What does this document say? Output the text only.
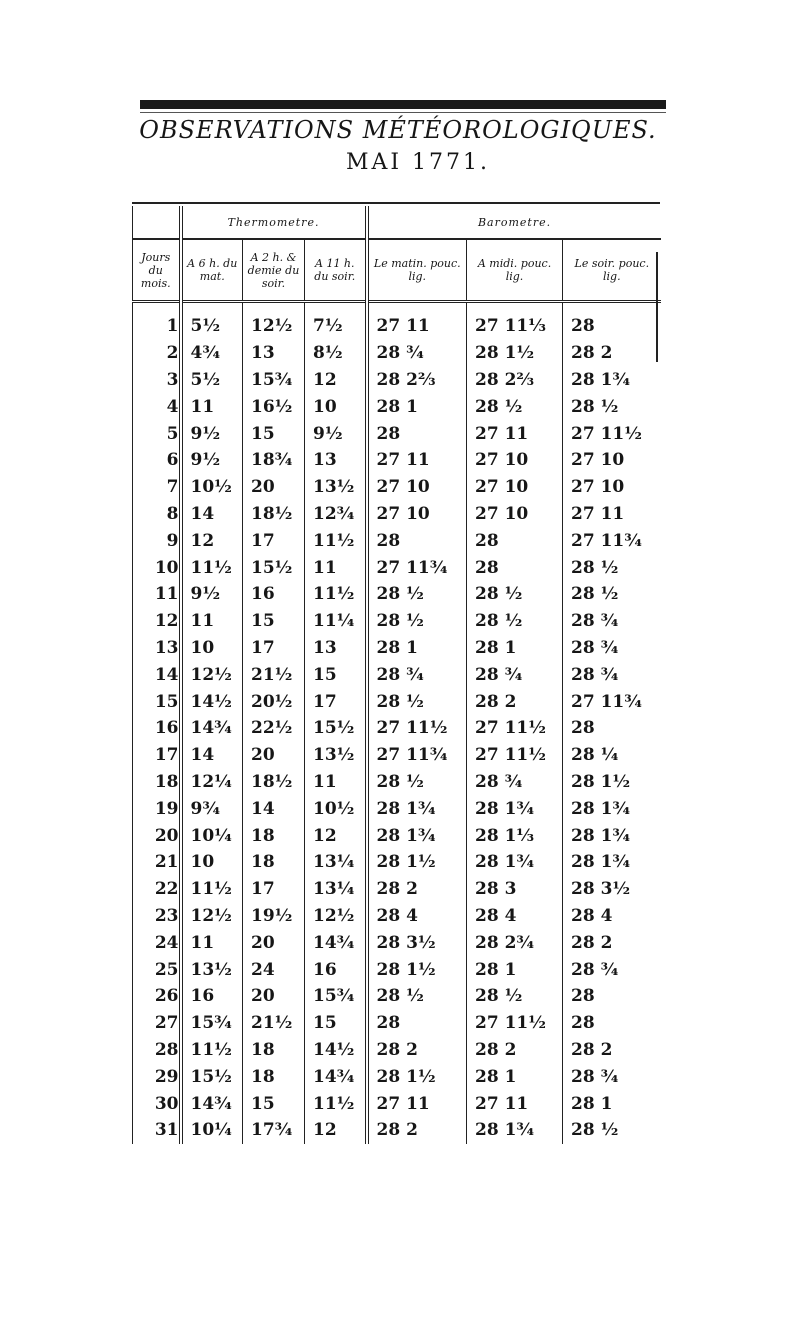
OBSERVATIONS MÉTÉOROLOGIQUES.
MAI 1771.
	Thermometre.			Barometre.		
Jours du mois.	A 6 h. du mat.	A 2 h. & demie du soir.	A 11 h. du soir.	Le matin. pouc. lig.	A midi. pouc. lig.	Le soir. pouc. lig.
1	5½	12½	7½	27 11	27 11⅓	28
2	4¾	13	8½	28 ¾	28 1½	28 2
3	5½	15¾	12	28 2⅔	28 2⅔	28 1¾
4	11	16½	10	28 1	28 ½	28 ½
5	9½	15	9½	28	27 11	27 11½
6	9½	18¾	13	27 11	27 10	27 10
7	10½	20	13½	27 10	27 10	27 10
8	14	18½	12¾	27 10	27 10	27 11
9	12	17	11½	28	28	27 11¾
10	11½	15½	11	27 11¾	28	28 ½
11	9½	16	11½	28 ½	28 ½	28 ½
12	11	15	11¼	28 ½	28 ½	28 ¾
13	10	17	13	28 1	28 1	28 ¾
14	12½	21½	15	28 ¾	28 ¾	28 ¾
15	14½	20½	17	28 ½	28 2	27 11¾
16	14¾	22½	15½	27 11½	27 11½	28
17	14	20	13½	27 11¾	27 11½	28 ¼
18	12¼	18½	11	28 ½	28 ¾	28 1½
19	9¾	14	10½	28 1¾	28 1¾	28 1¾
20	10¼	18	12	28 1¾	28 1⅓	28 1¾
21	10	18	13¼	28 1½	28 1¾	28 1¾
22	11½	17	13¼	28 2	28 3	28 3½
23	12½	19½	12½	28 4	28 4	28 4
24	11	20	14¾	28 3½	28 2¾	28 2
25	13½	24	16	28 1½	28 1	28 ¾
26	16	20	15¾	28 ½	28 ½	28
27	15¾	21½	15	28	27 11½	28
28	11½	18	14½	28 2	28 2	28 2
29	15½	18	14¾	28 1½	28 1	28 ¾
30	14¾	15	11½	27 11	27 11	28 1
31	10¼	17¾	12	28 2	28 1¾	28 ½
